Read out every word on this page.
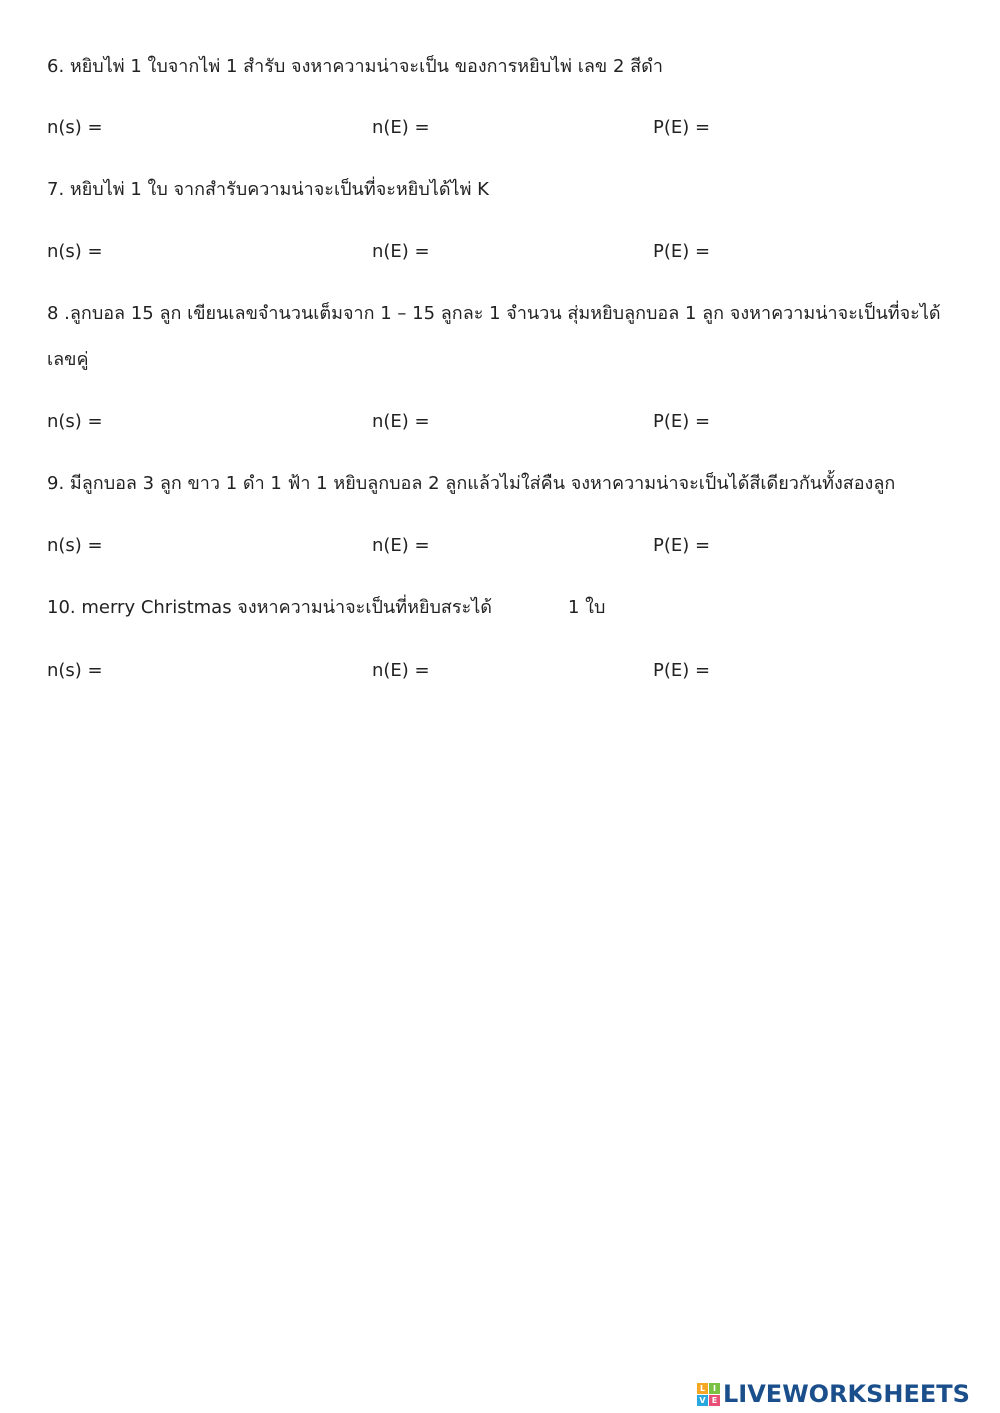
6. หยิบไพ่ 1 ใบจากไพ่ 1 สำรับ จงหาความน่าจะเป็น ของการหยิบไพ่ เลข 2 สีดำ
n(s) =	n(E) =	P(E) =
7. หยิบไพ่ 1 ใบ จากสำรับความน่าจะเป็นที่จะหยิบได้ไพ่ K
n(s) =	n(E) =	P(E) =
8 .ลูกบอล 15 ลูก เขียนเลขจำนวนเต็มจาก 1 – 15 ลูกละ 1 จำนวน สุ่มหยิบลูกบอล 1 ลูก จงหาความน่าจะเป็นที่จะได้
เลขคู่
n(s) =	n(E) =	P(E) =
9. มีลูกบอล 3 ลูก ขาว 1 ดำ 1 ฟ้า 1 หยิบลูกบอล 2 ลูกแล้วไม่ใส่คืน จงหาความน่าจะเป็นได้สีเดียวกันทั้งสองลูก
n(s) =	n(E) =	P(E) =
10. merry Christmas จงหาความน่าจะเป็นที่หยิบสระได้	1 ใบ
n(s) =	n(E) =	P(E) =
L I
V E LIVEWORKSHEETS
